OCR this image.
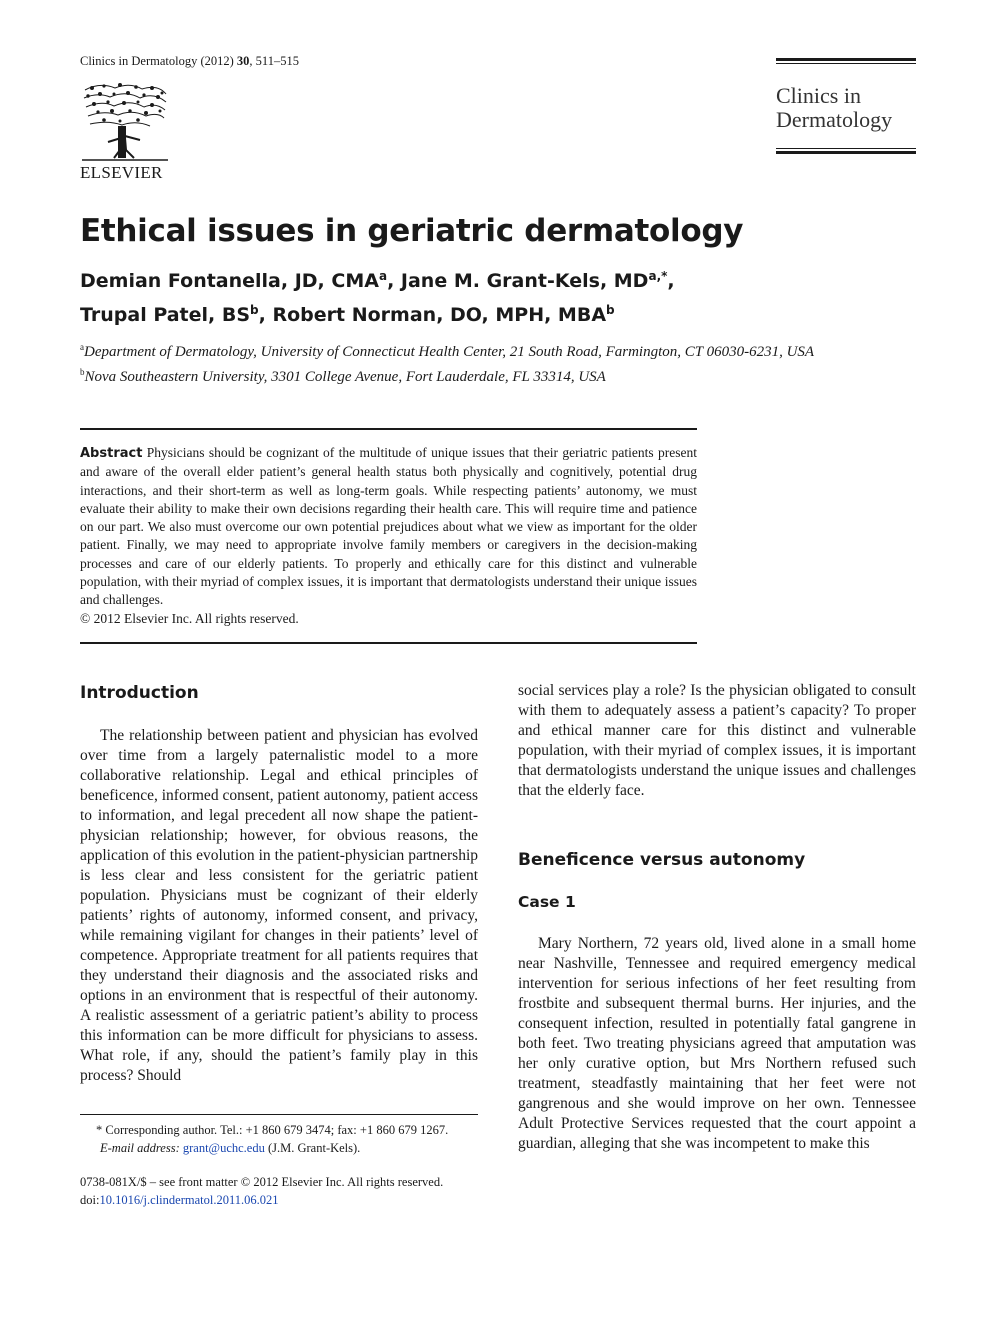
Clinics in Dermatology (2012) 30, 511–515
ELSEVIER
Clinics in
Dermatology
Ethical issues in geriatric dermatology
Demian Fontanella, JD, CMA$^a$, Jane M. Grant-Kels, $MD^{a,*}$,
Trupal Patel, $BS^b$, Robert Norman, DO, MPH, MBA$^b$
$^a$Department of Dermatology, University of Connecticut Health Center, 21 South Road, Farmington, CT 06030-6231, USA
$^b$Nova Southeastern University, 3301 College Avenue, Fort Lauderdale, FL 33314, USA

Abstract Physicians should be cognizant of the multitude of unique issues that their geriatric patients present and aware of the overall elder patient’s general health status both physically and cognitively, potential drug interactions, and their short-term as well as long-term goals. While respecting patients’ autonomy, we must evaluate their ability to make their own decisions regarding their health care. This will require time and patience on our part. We also must overcome our own potential prejudices about what we view as important for the older patient. Finally, we may need to appropriate involve family members or caregivers in the decision-making processes and care of our elderly patients. To properly and ethically care for this distinct and vulnerable population, with their myriad of complex issues, it is important that dermatologists understand their unique issues and challenges.

© 2012 Elsevier Inc. All rights reserved.

Introduction

The relationship between patient and physician has evolved over time from a largely paternalistic model to a more collaborative relationship. Legal and ethical principles of beneficence, informed consent, patient autonomy, patient access to information, and legal precedent all now shape the patient-physician relationship; however, for obvious reasons, the application of this evolution in the patient-physician partnership is less clear and less consistent for the geriatric patient population. Physicians must be cognizant of their elderly patients’ rights of autonomy, informed consent, and privacy, while remaining vigilant for changes in their patients’ level of competence. Appropriate treatment for all patients requires that they understand their diagnosis and the associated risks and options in an environment that is respectful of their autonomy. A realistic assessment of a geriatric patient’s ability to process this information can be more difficult for physicians to assess. What role, if any, should the patient’s family play in this process? Should

social services play a role? Is the physician obligated to consult with them to adequately assess a patient’s capacity? To proper and ethical manner care for this distinct and vulnerable population, with their myriad of complex issues, it is important that dermatologists understand the unique issues and challenges that the elderly face.

Beneficence versus autonomy
Case 1

Mary Northern, 72 years old, lived alone in a small home near Nashville, Tennessee and required emergency medical intervention for serious infections of her feet resulting from frostbite and subsequent thermal burns. Her injuries, and the consequent infection, resulted in potentially fatal gangrene in both feet. Two treating physicians agreed that amputation was her only curative option, but Mrs Northern refused such treatment, steadfastly maintaining that her feet were not gangrenous and she would improve on her own. Tennessee Adult Protective Services requested that the court appoint a guardian, alleging that she was incompetent to make this

* Corresponding author. Tel.: +1 860 679 3474; fax: +1 860 679 1267.
E-mail address: grant@uchc.edu (J.M. Grant-Kels).
0738-081X/$ – see front matter © 2012 Elsevier Inc. All rights reserved.
doi:10.1016/j.clindermatol.2011.06.021
